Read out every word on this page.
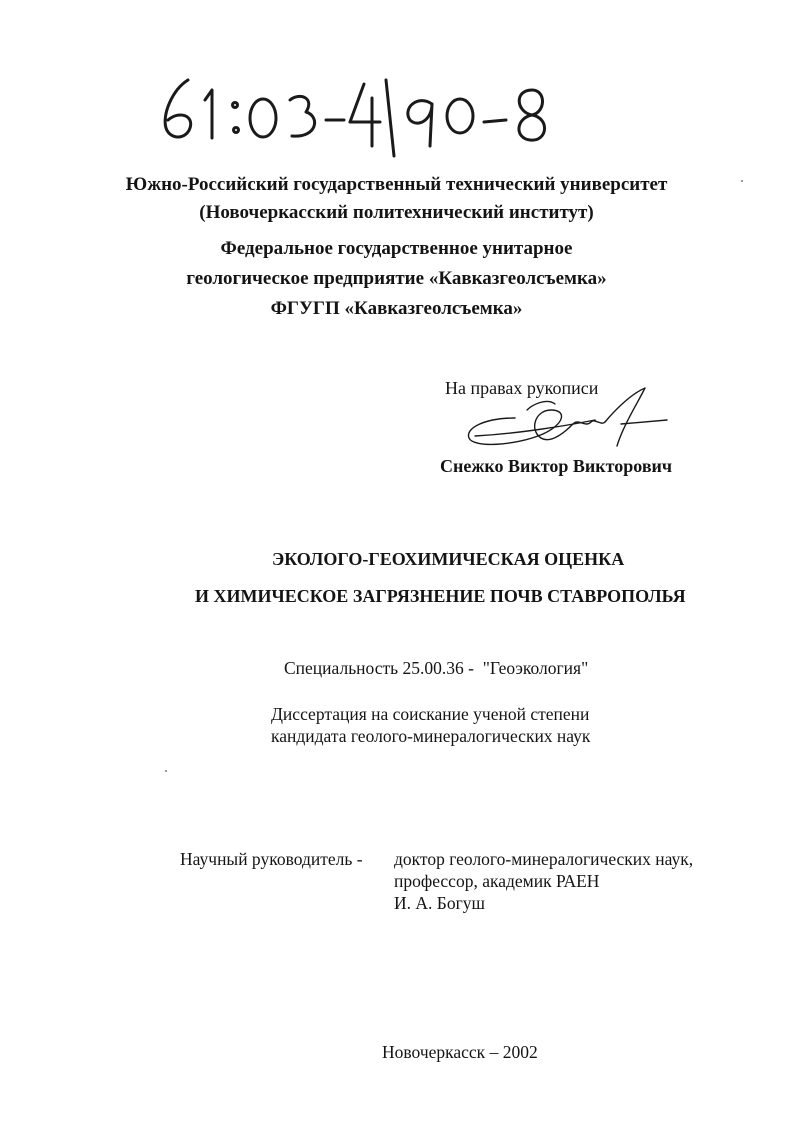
Южно-Российский государственный технический университет
(Новочеркасский политехнический институт)
Федеральное государственное унитарное
геологическое предприятие «Кавказгеолсъемка»
ФГУГП «Кавказгеолсъемка»
На правах рукописи
Снежко Виктор Викторович
ЭКОЛОГО-ГЕОХИМИЧЕСКАЯ ОЦЕНКА
И ХИМИЧЕСКОЕ ЗАГРЯЗНЕНИЕ ПОЧВ СТАВРОПОЛЬЯ
Специальность 25.00.36 -  "Геоэкология"
Диссертация на соискание ученой степени
кандидата геолого-минералогических наук
Научный руководитель - доктор геолого-минералогических наук,
профессор, академик РАЕН
И. А. Богуш
Новочеркасск – 2002
